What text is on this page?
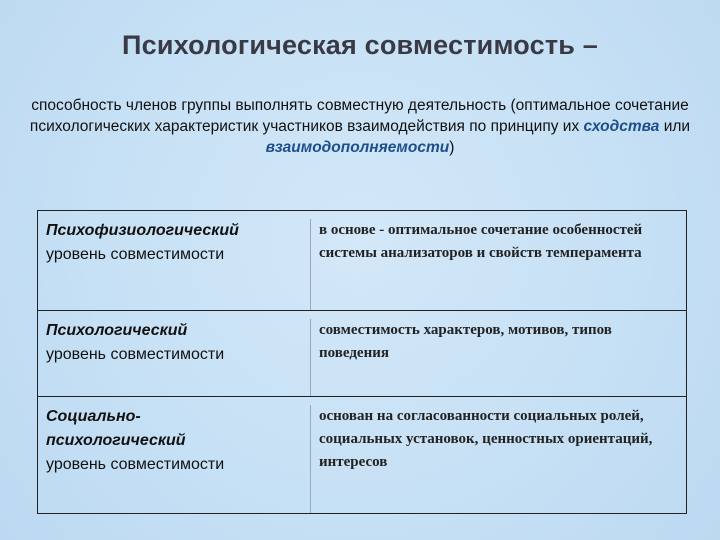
Психологическая совместимость –
способность членов группы выполнять совместную деятельность (оптимальное сочетание психологических характеристик участников взаимодействия по принципу их сходства или взаимодополняемости)
Психофизиологический
уровень совместимости	в основе - оптимальное сочетание особенностей системы анализаторов и свойств темперамента

Психологический
уровень совместимости	совместимость характеров, мотивов, типов поведения

Социально-психологический
уровень совместимости	основан на согласованности социальных ролей, социальных установок, ценностных ориентаций, интересов
